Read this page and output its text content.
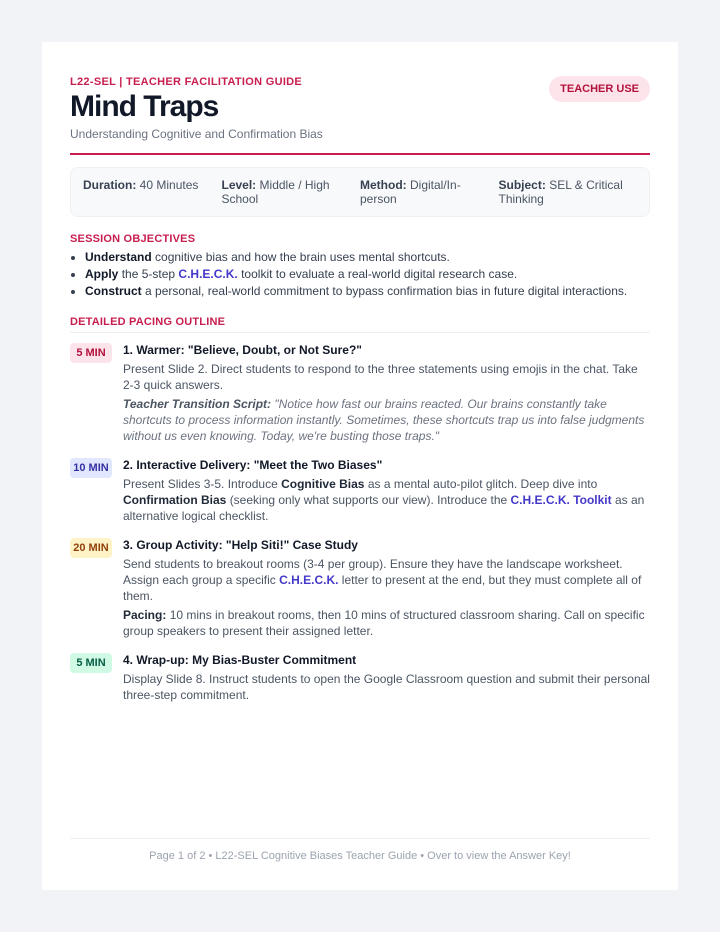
L22-SEL | TEACHER FACILITATION GUIDE
TEACHER USE
Mind Traps
Understanding Cognitive and Confirmation Bias
Duration: 40 Minutes	Level: Middle / High School
Method: Digital/In-person
Subject: SEL & Critical Thinking
SESSION OBJECTIVES
• Understand cognitive bias and how the brain uses mental shortcuts.
• Apply the 5-step C.H.E.C.K. toolkit to evaluate a real-world digital research case.
• Construct a personal, real-world commitment to bypass confirmation bias in future digital interactions.
DETAILED PACING OUTLINE
5 MIN	1. Warmer: "Believe, Doubt, or Not Sure?"

Present Slide 2. Direct students to respond to the three statements using emojis in the chat. Take 2-3 quick answers.

Teacher Transition Script: "Notice how fast our brains reacted. Our brains constantly take shortcuts to process information instantly. Sometimes, these shortcuts trap us into false judgments without us even knowing. Today, we're busting those traps."

10 MIN 2. Interactive Delivery: "Meet the Two Biases"

Present Slides 3-5. Introduce Cognitive Bias as a mental auto-pilot glitch. Deep dive into Confirmation Bias (seeking only what supports our view). Introduce the C.H.E.C.K. Toolkit as an alternative logical checklist.

20 MIN 3. Group Activity: "Help Siti!" Case Study

Send students to breakout rooms (3-4 per group). Ensure they have the landscape worksheet. Assign each group a specific C.H.E.C.K. letter to present at the end, but they must complete all of them.

Pacing: 10 mins in breakout rooms, then 10 mins of structured classroom sharing. Call on specific group speakers to present their assigned letter.

5 MIN	4. Wrap-up: My Bias-Buster Commitment

Display Slide 8. Instruct students to open the Google Classroom question and submit their personal three-step commitment.

Page 1 of 2 • L22-SEL Cognitive Biases Teacher Guide • Over to view the Answer Key!
